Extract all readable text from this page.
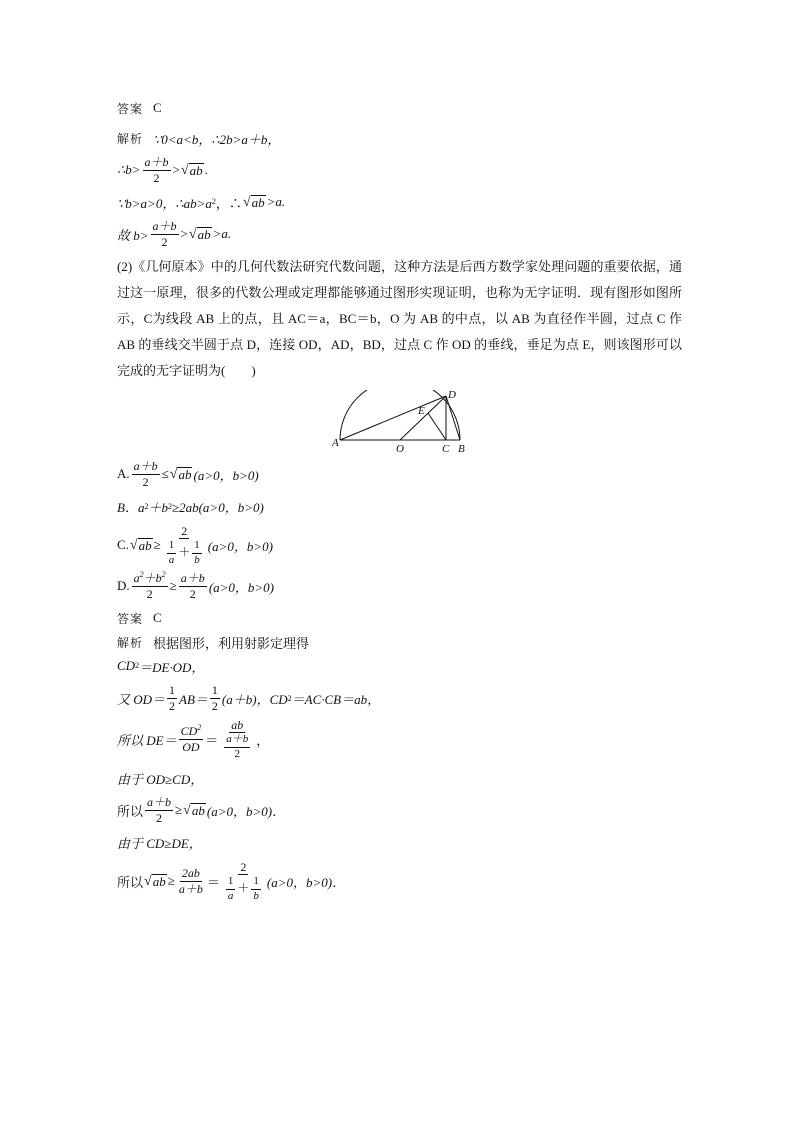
答案 C
解析 ∵0<a<b，∴2b>a＋b，
∴b> $\frac{a+b}{2}$ > √ ab .
∵b>a>0，∴ab>a 2 ，∴ √ ab >a.
故 $b> \frac{a+b}{2}$ > √ ab >a.
(2)《几何原本》中的几何代数法研究代数问题，这种方法是后西方数学家处理问题的重要依据，通过这一原理，很多的代数公理或定理都能够通过图形实现证明，也称为无字证明．现有图形如图所示，C为线段 AB 上的点，且 AC＝a，BC＝b，O 为 AB 的中点，以 AB 为直径作半圆，过点 C 作 AB 的垂线交半圆于点 D，连接 OD，AD，BD，过点 C 作 OD 的垂线，垂足为点 E，则该图形可以完成的无字证明为(　　)
A	O	C B
D
E
A. $\frac{a+b}{2}$ ≤ √ ab (a>0，b>0)
B．a 2 ＋b 2 ≥2ab(a>0，b>0)
C. √ ab ≥ $\frac{2}{\frac{1}{a} + \frac{1}{b}} (a>0$，b>0)
D. $\frac{a^2+b^2}{2} \ge \frac{a+b}{2} (a>0$，b>0)
答案 C
解析 根据图形，利用射影定理得
CD 2 ＝DE·OD，
又 $OD= \frac{1}{2} AB= \frac{1}{2} (a+b)$，CD 2 ＝AC·CB＝ab，
所以 $DE= \frac{CD^2}{OD} = \frac{ab}{\frac{a+b}{2}}$ ，
由于 OD≥CD，
所以 $\frac{a+b}{2}$ ≥ √ ab (a>0，b>0)．
由于 CD≥DE，
所以 √ ab ≥ $\frac{2ab}{a+b} = \frac{2}{\frac{1}{a} + \frac{1}{b}} (a>0$，b>0)．
